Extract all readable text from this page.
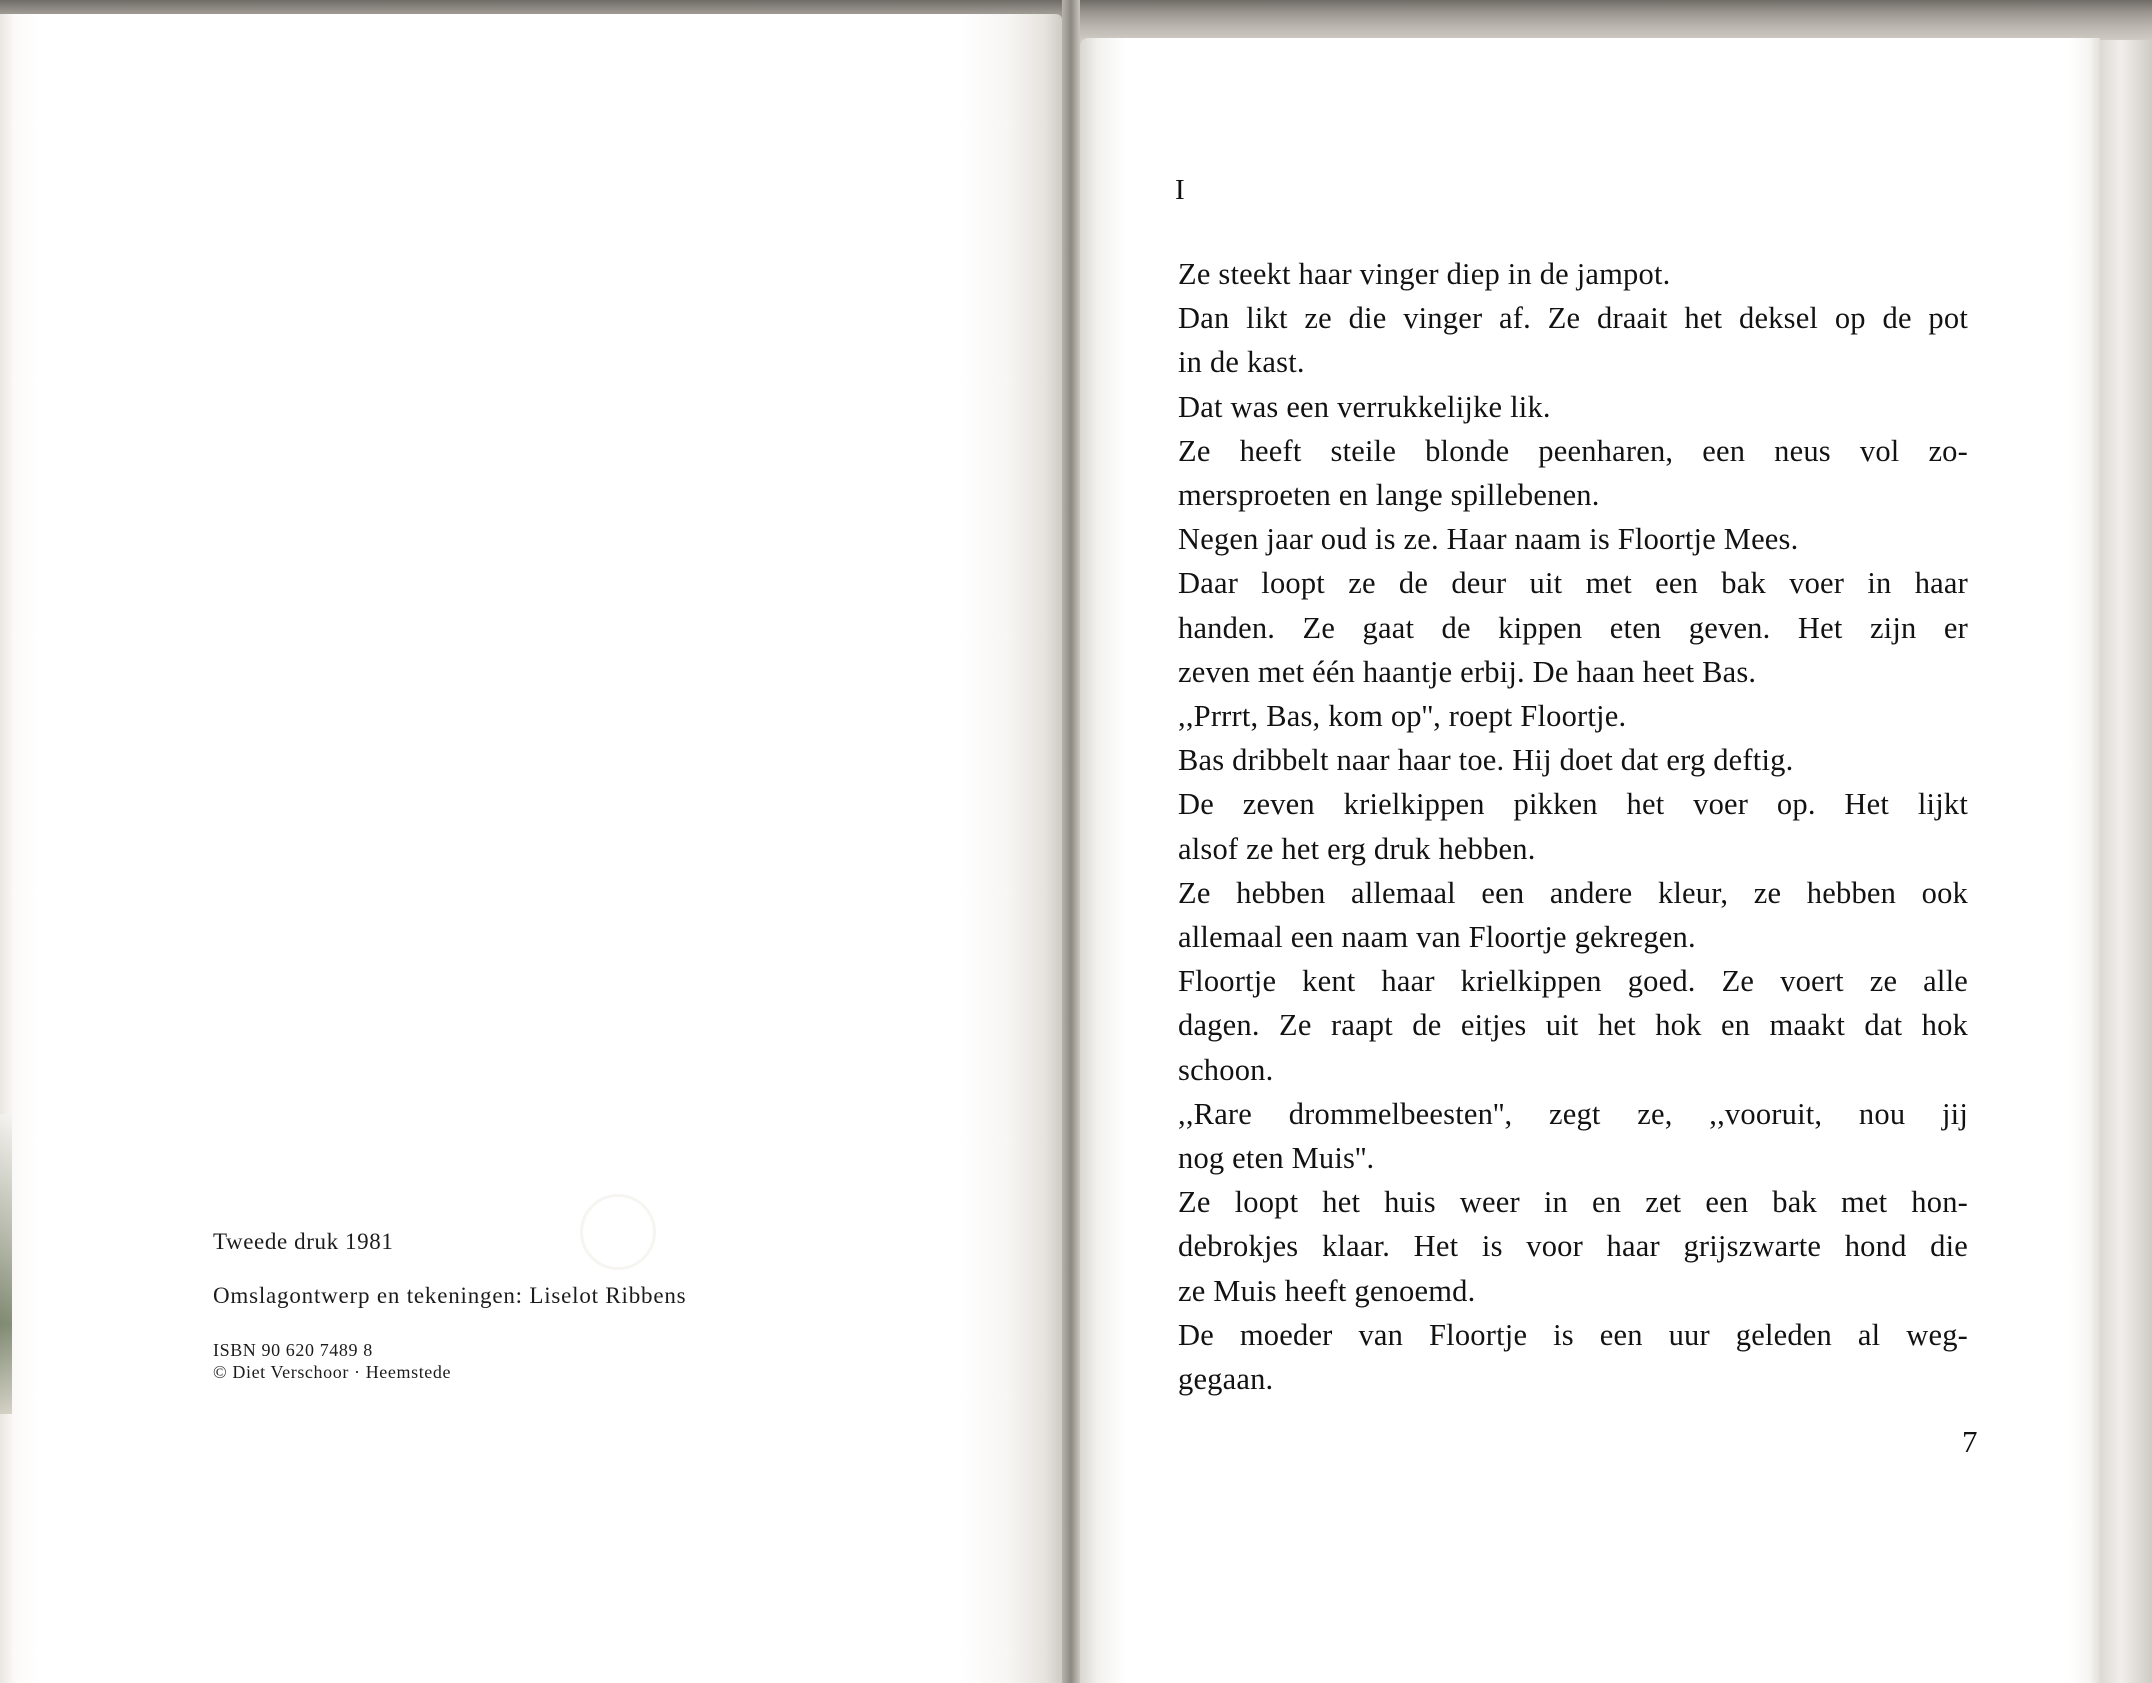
Tweede druk 1981
Omslagontwerp en tekeningen: Liselot Ribbens
ISBN 90 620 7489 8
© Diet Verschoor · Heemstede
I
Ze steekt haar vinger diep in de jampot.
Dan likt ze die vinger af. Ze draait het deksel op de pot
in de kast.
Dat was een verrukkelijke lik.
Ze heeft steile blonde peenharen, een neus vol zo-
mersproeten en lange spillebenen.
Negen jaar oud is ze. Haar naam is Floortje Mees.
Daar loopt ze de deur uit met een bak voer in haar
handen. Ze gaat de kippen eten geven. Het zijn er
zeven met één haantje erbij. De haan heet Bas.
,,Prrrt, Bas, kom op'', roept Floortje.
Bas dribbelt naar haar toe. Hij doet dat erg deftig.
De zeven krielkippen pikken het voer op. Het lijkt
alsof ze het erg druk hebben.
Ze hebben allemaal een andere kleur, ze hebben ook
allemaal een naam van Floortje gekregen.
Floortje kent haar krielkippen goed. Ze voert ze alle
dagen. Ze raapt de eitjes uit het hok en maakt dat hok
schoon.
,,Rare drommelbeesten'', zegt ze, ,,vooruit, nou jij
nog eten Muis''.
Ze loopt het huis weer in en zet een bak met hon-
debrokjes klaar. Het is voor haar grijszwarte hond die
ze Muis heeft genoemd.
De moeder van Floortje is een uur geleden al weg-
gegaan.
7
